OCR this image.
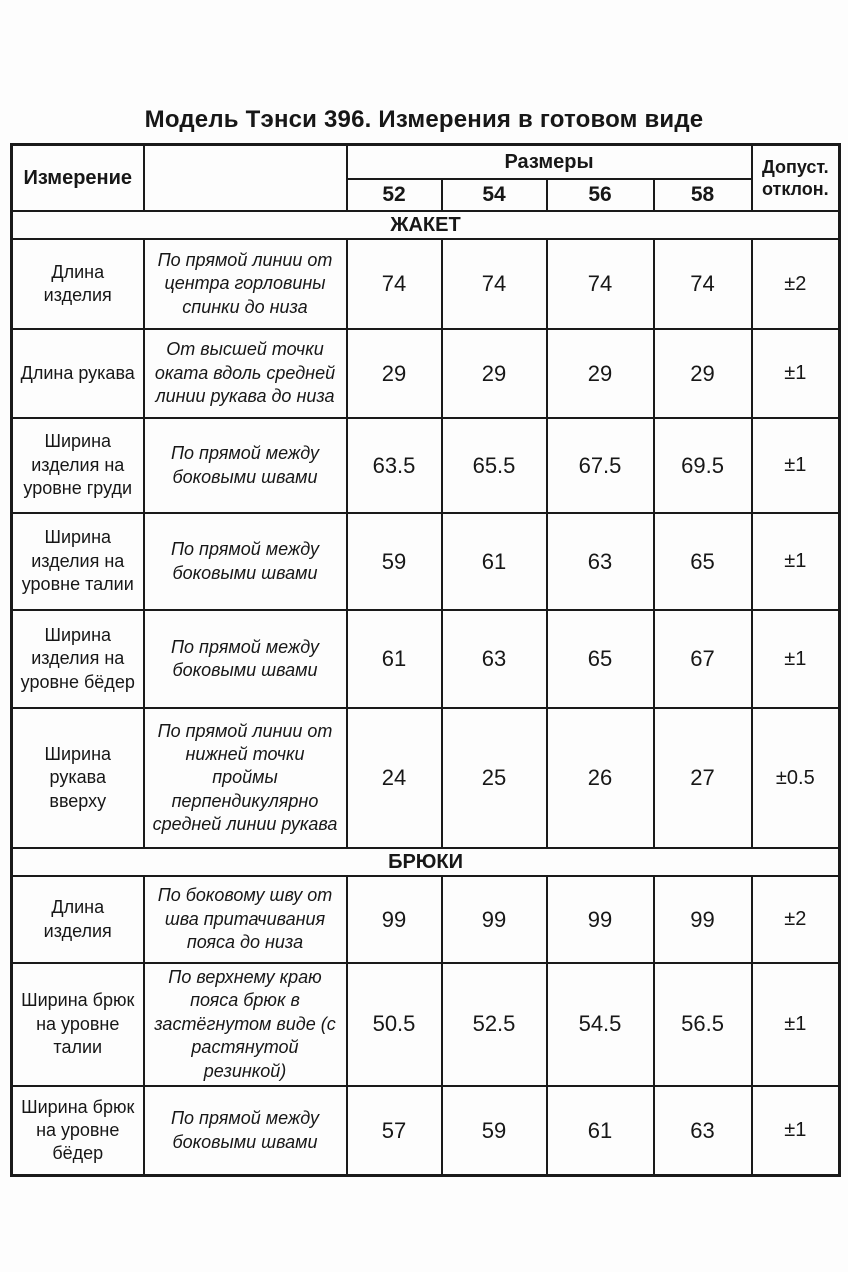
Модель Тэнси 396. Измерения в готовом виде
Измерение		Размеры				Допуст. отклон.
		52	54	56	58	
ЖАКЕТ						
Длина изделия	По прямой линии от центра горловины спинки до низа	74	74	74	74	±2
Длина рукава	От высшей точки оката вдоль средней линии рукава до низа	29	29	29	29	±1
Ширина изделия на уровне груди	По прямой между боковыми швами	63.5	65.5	67.5	69.5	±1
Ширина изделия на уровне талии	По прямой между боковыми швами	59	61	63	65	±1
Ширина изделия на уровне бёдер	По прямой между боковыми швами	61	63	65	67	±1
Ширина рукава вверху	По прямой линии от нижней точки проймы перпендикулярно средней линии рукава	24	25	26	27	±0.5
БРЮКИ						
Длина изделия	По боковому шву от шва притачивания пояса до низа	99	99	99	99	±2
Ширина брюк на уровне талии	По верхнему краю пояса брюк в застёгнутом виде (с растянутой резинкой)	50.5	52.5	54.5	56.5	±1
Ширина брюк на уровне бёдер	По прямой между боковыми швами	57	59	61	63	±1
